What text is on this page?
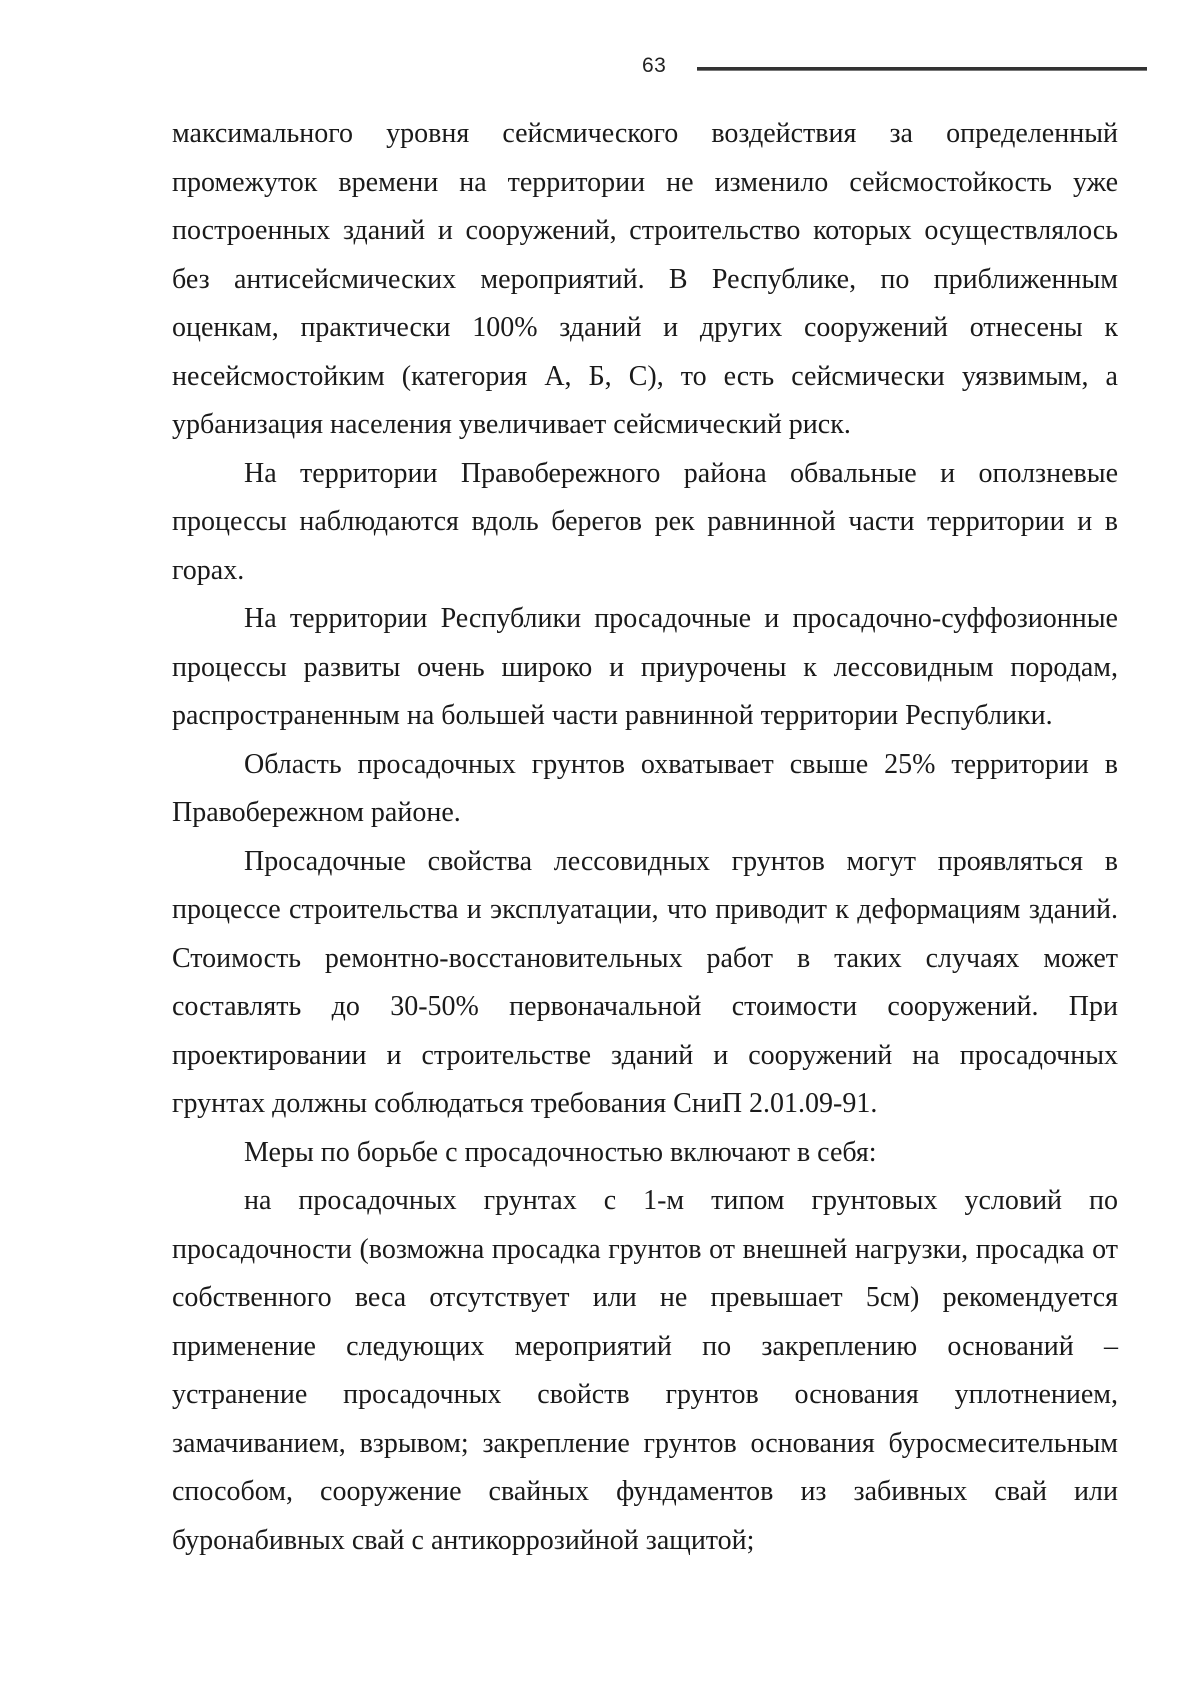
63

максимального уровня сейсмического воздействия за определенный промежуток времени на территории не изменило сейсмостойкость уже построенных зданий и сооружений, строительство которых осуществлялось без антисейсмических мероприятий. В Республике, по приближенным оценкам, практически 100% зданий и других сооружений отнесены к несейсмостойким (категория А, Б, С), то есть сейсмически уязвимым, а урбанизация населения увеличивает сейсмический риск.

На территории Правобережного района обвальные и оползневые процессы наблюдаются вдоль берегов рек равнинной части территории и в горах.

На территории Республики просадочные и просадочно-суффозионные процессы развиты очень широко и приурочены к лессовидным породам, распространенным на большей части равнинной территории Республики.

Область просадочных грунтов охватывает свыше 25% территории в Правобережном районе.

Просадочные свойства лессовидных грунтов могут проявляться в процессе строительства и эксплуатации, что приводит к деформациям зданий. Стоимость ремонтно-восстановительных работ в таких случаях может составлять до 30-50% первоначальной стоимости сооружений. При проектировании и строительстве зданий и сооружений на просадочных грунтах должны соблюдаться требования СниП 2.01.09-91.

Меры по борьбе с просадочностью включают в себя:

на просадочных грунтах с 1-м типом грунтовых условий по просадочности (возможна просадка грунтов от внешней нагрузки, просадка от собственного веса отсутствует или не превышает 5см) рекомендуется применение следующих мероприятий по закреплению оснований – устранение просадочных свойств грунтов основания уплотнением, замачиванием, взрывом; закрепление грунтов основания буросмесительным способом, сооружение свайных фундаментов из забивных свай или буронабивных свай с антикоррозийной защитой;
